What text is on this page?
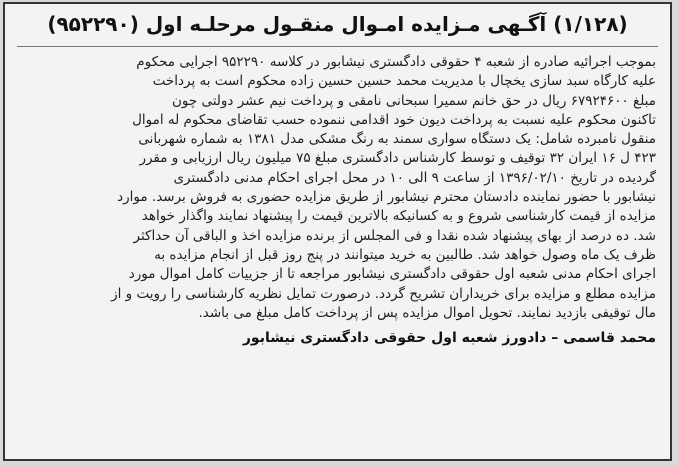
(۱/۱۲۸) آگـهی مـزایده امـوال منقـول مرحلـه اول (۹۵۲۲۹۰)
بموجب اجرائیه صادره از شعبه ۴ حقوقی دادگستری نیشابور در کلاسه ۹۵۲۲۹۰ اجرایی محکوم
علیه کارگاه سبد سازی یخچال با مدیریت محمد حسین حسین زاده محکوم است به پرداخت
مبلغ ۶۷۹۲۴۶۰۰ ریال در حق خانم سمیرا سبحانی نامقی و پرداخت نیم عشر دولتی چون
تاکنون محکوم علیه نسبت به پرداخت دیون خود اقدامی ننموده حسب تقاضای محکوم له اموال
منقول نامبرده شامل: یک دستگاه سواری سمند به رنگ مشکی مدل ۱۳۸۱ به شماره شهربانی
۴۲۳ ل ۱۶ ایران ۳۲ توقیف و توسط کارشناس دادگستری مبلغ ۷۵ میلیون ریال ارزیابی و مقرر
گردیده در تاریخ ۱۳۹۶/۰۲/۱۰ از ساعت ۹ الی ۱۰ در محل اجرای احکام مدنی دادگستری
نیشابور با حضور نماینده دادستان محترم نیشابور از طریق مزایده حضوری به فروش برسد. موارد
مزایده از قیمت کارشناسی شروع و به کسانیکه بالاترین قیمت را پیشنهاد نمایند واگذار خواهد
شد. ده درصد از بهای پیشنهاد شده نقدا و فی المجلس از برنده مزایده اخذ و الباقی آن حداکثر
ظرف یک ماه وصول خواهد شد. طالبین به خرید میتوانند در پنج روز قبل از انجام مزایده به
اجرای احکام مدنی شعبه اول حقوقی دادگستری نیشابور مراجعه تا از جزییات کامل اموال مورد
مزایده مطلع و مزایده برای خریداران تشریح گردد. درصورت تمایل نظریه کارشناسی را رویت و از
مال توقیفی بازدید نمایند. تحویل اموال مزایده پس از پرداخت کامل مبلغ می باشد.
محمد قاسمی – دادورز شعبه اول حقوقی دادگستری نیشابور
